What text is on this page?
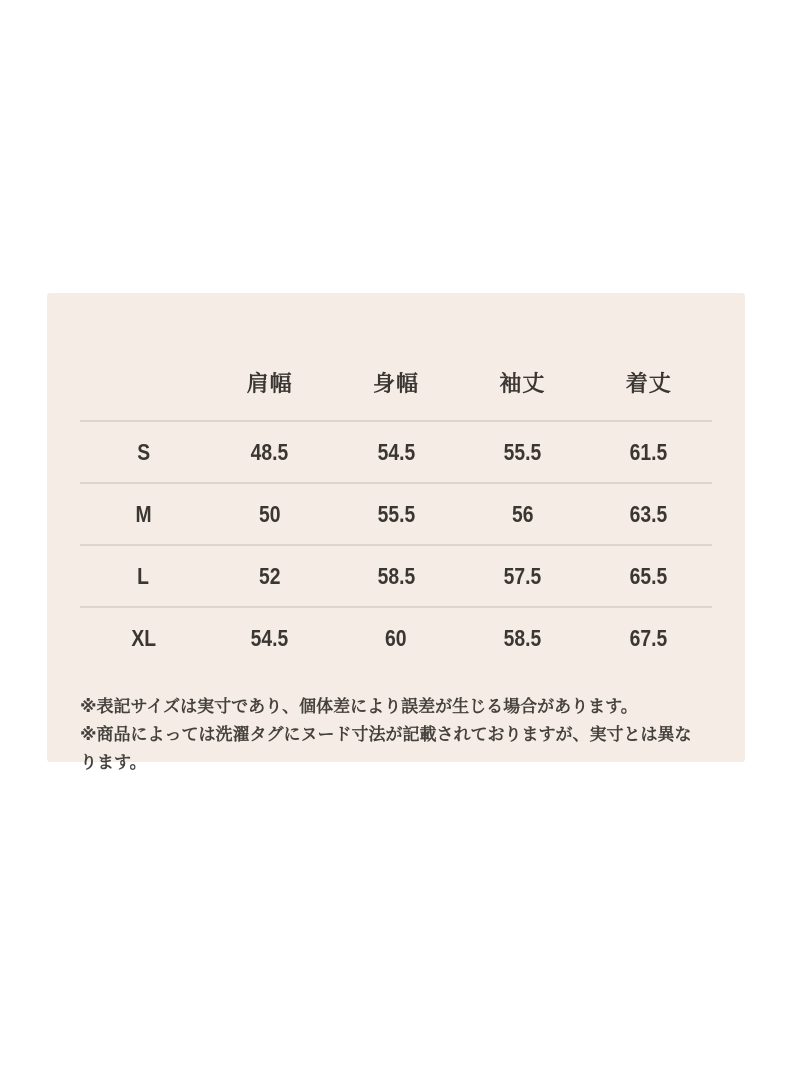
	肩幅	身幅	袖丈	着丈
S	48.5	54.5	55.5	61.5
M	50	55.5	56	63.5
L	52	58.5	57.5	65.5
XL	54.5	60	58.5	67.5

※表記サイズは実寸であり、個体差により誤差が生じる場合があります。

※商品によっては洗濯タグにヌード寸法が記載されておりますが、実寸とは異なります。
